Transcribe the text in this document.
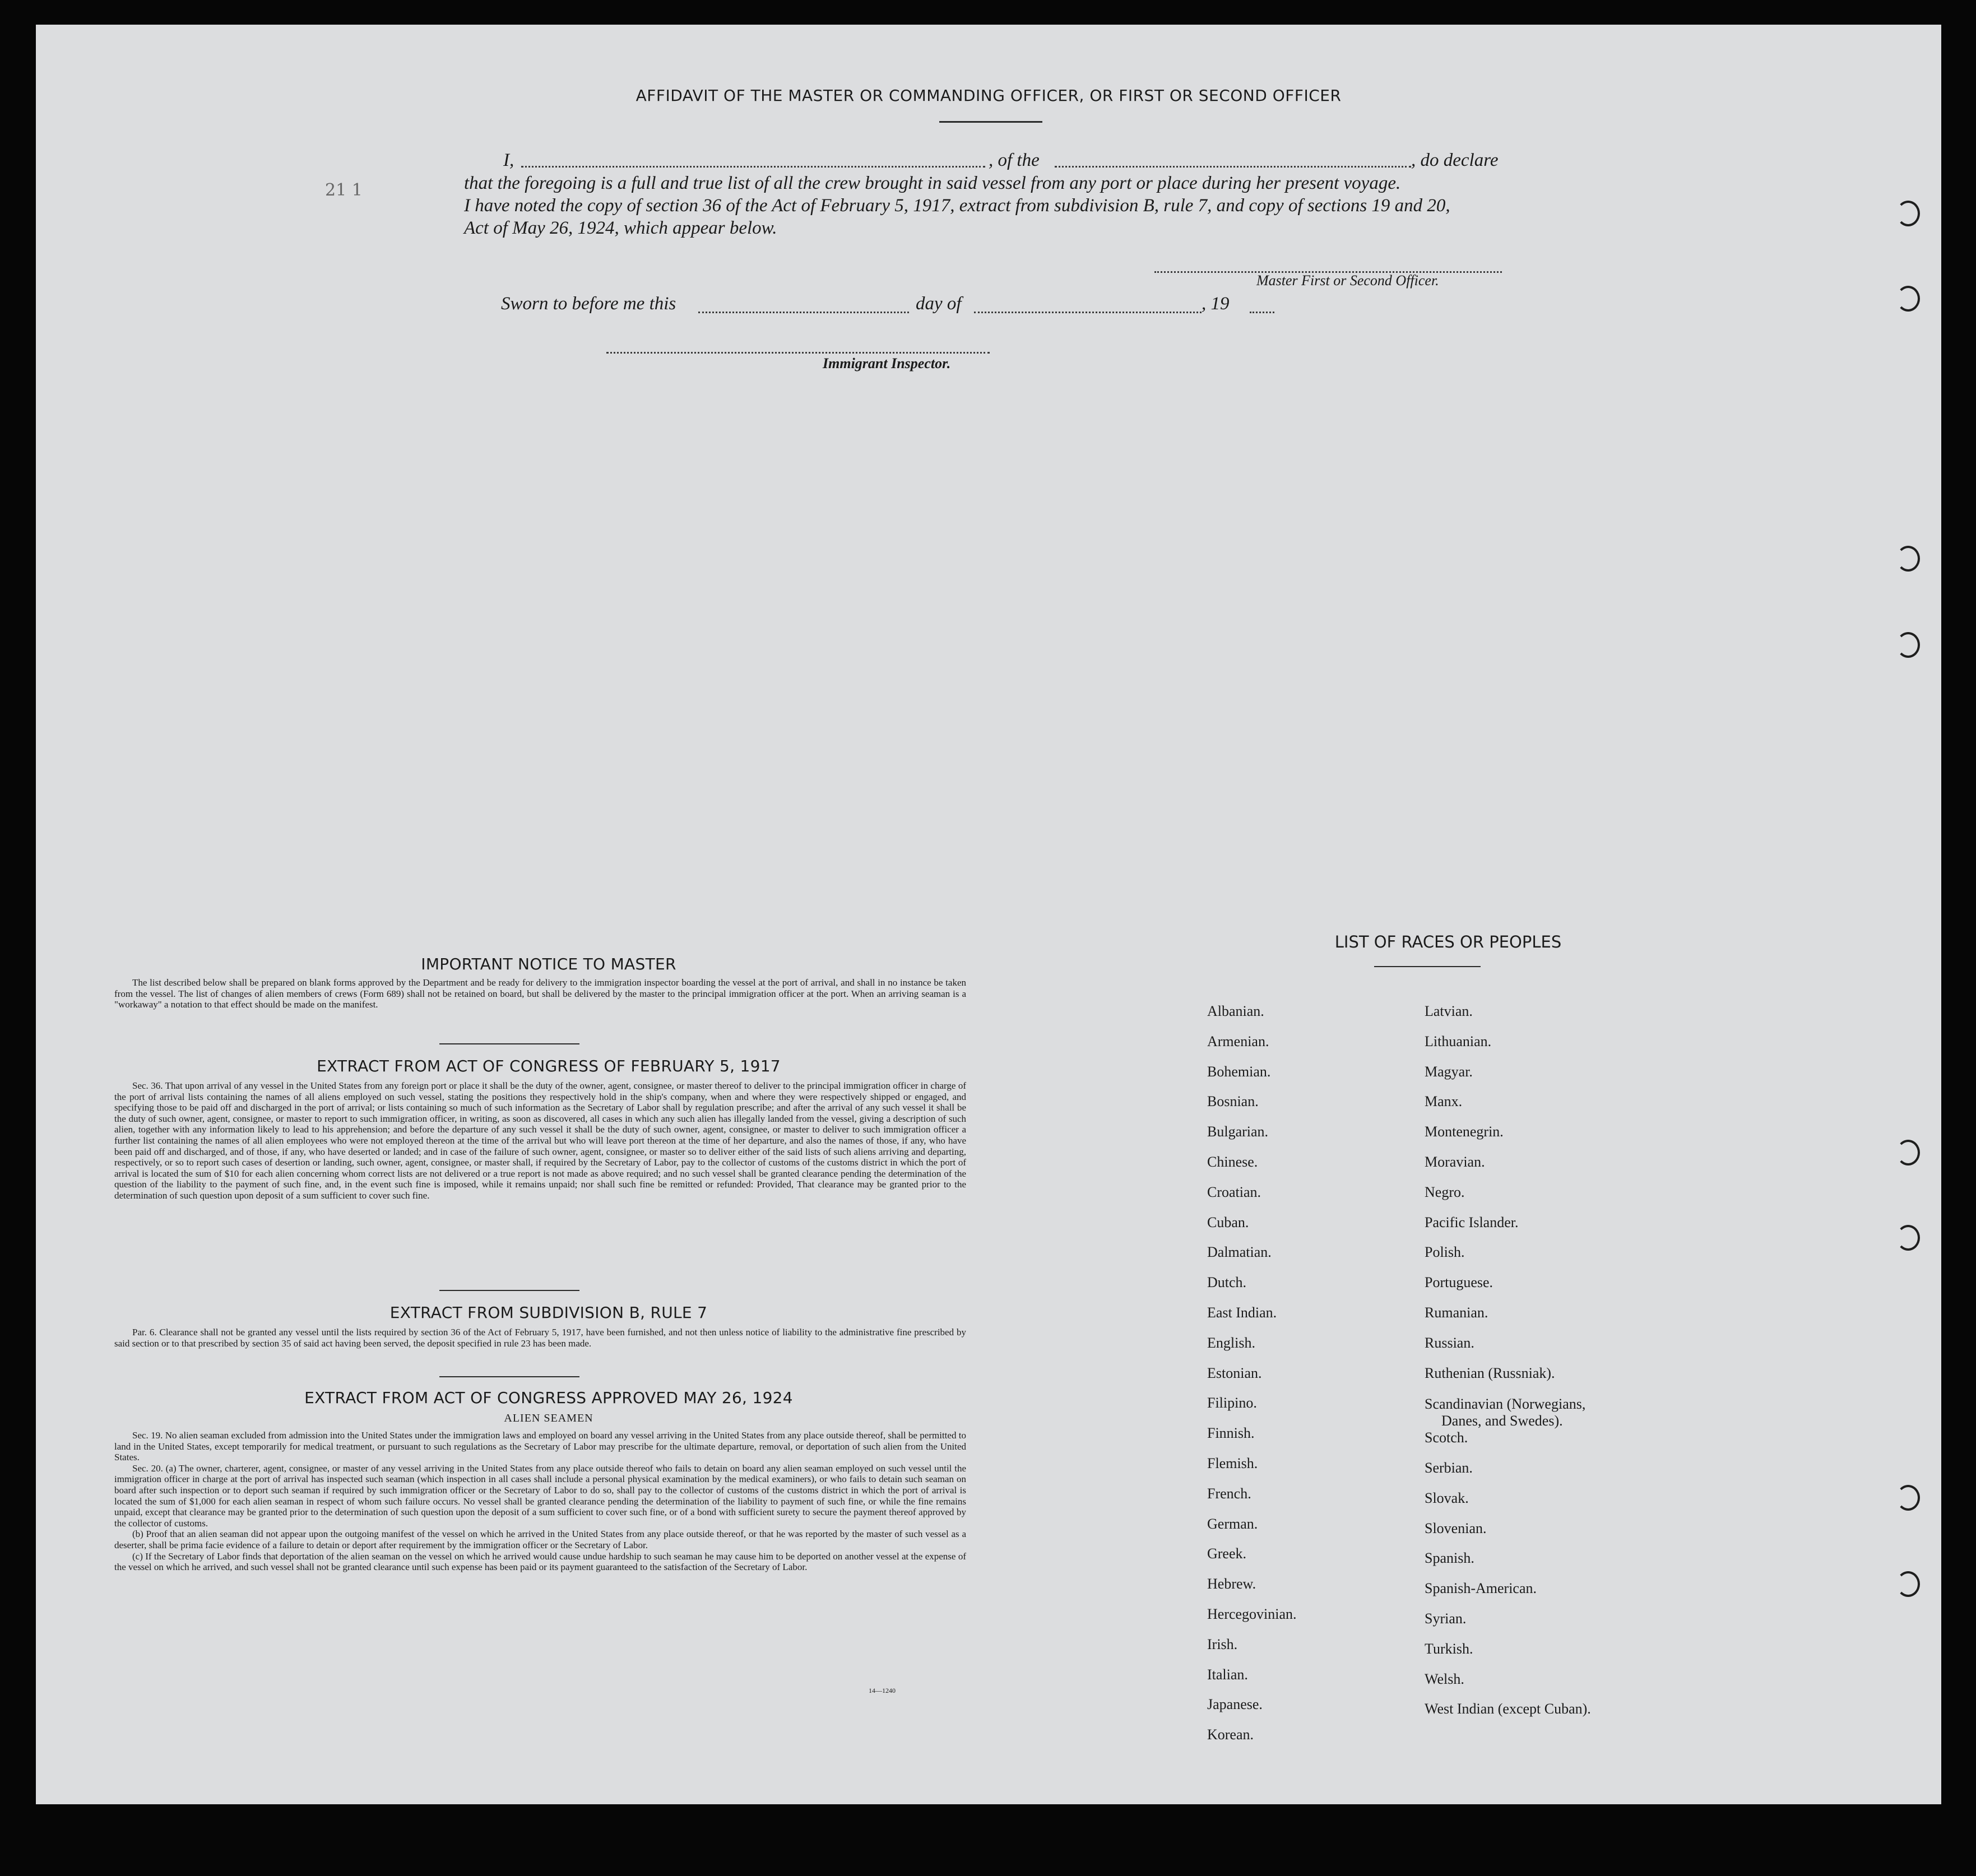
AFFIDAVIT OF THE MASTER OR COMMANDING OFFICER, OR FIRST OR SECOND OFFICER
I,	, of the	, do declare
that the foregoing is a full and true list of all the crew brought in said vessel from any port or place during her present voyage.
I have noted the copy of section 36 of the Act of February 5, 1917, extract from subdivision B, rule 7, and copy of sections 19 and 20,
Act of May 26, 1924, which appear below.
21 1
Master First or Second Officer.
Sworn to before me this	day of	, 19
Immigrant Inspector.
IMPORTANT NOTICE TO MASTER

The list described below shall be prepared on blank forms approved by the Department and be ready for delivery to the immigration inspector boarding the vessel at the port of arrival, and shall in no instance be taken from the vessel. The list of changes of alien members of crews (Form 689) shall not be retained on board, but shall be delivered by the master to the principal immigration officer at the port. When an arriving seaman is a "workaway" a notation to that effect should be made on the manifest.

EXTRACT FROM ACT OF CONGRESS OF FEBRUARY 5, 1917

Sec. 36. That upon arrival of any vessel in the United States from any foreign port or place it shall be the duty of the owner, agent, consignee, or master thereof to deliver to the principal immigration officer in charge of the port of arrival lists containing the names of all aliens employed on such vessel, stating the positions they respectively hold in the ship's company, when and where they were respectively shipped or engaged, and specifying those to be paid off and discharged in the port of arrival; or lists containing so much of such information as the Secretary of Labor shall by regulation prescribe; and after the arrival of any such vessel it shall be the duty of such owner, agent, consignee, or master to report to such immigration officer, in writing, as soon as discovered, all cases in which any such alien has illegally landed from the vessel, giving a description of such alien, together with any information likely to lead to his apprehension; and before the departure of any such vessel it shall be the duty of such owner, agent, consignee, or master to deliver to such immigration officer a further list containing the names of all alien employees who were not employed thereon at the time of the arrival but who will leave port thereon at the time of her departure, and also the names of those, if any, who have been paid off and discharged, and of those, if any, who have deserted or landed; and in case of the failure of such owner, agent, consignee, or master so to deliver either of the said lists of such aliens arriving and departing, respectively, or so to report such cases of desertion or landing, such owner, agent, consignee, or master shall, if required by the Secretary of Labor, pay to the collector of customs of the customs district in which the port of arrival is located the sum of $10 for each alien concerning whom correct lists are not delivered or a true report is not made as above required; and no such vessel shall be granted clearance pending the determination of the question of the liability to the payment of such fine, and, in the event such fine is imposed, while it remains unpaid; nor shall such fine be remitted or refunded: Provided, That clearance may be granted prior to the determination of such question upon deposit of a sum sufficient to cover such fine.

EXTRACT FROM SUBDIVISION B, RULE 7

Par. 6. Clearance shall not be granted any vessel until the lists required by section 36 of the Act of February 5, 1917, have been furnished, and not then unless notice of liability to the administrative fine prescribed by said section or to that prescribed by section 35 of said act having been served, the deposit specified in rule 23 has been made.

EXTRACT FROM ACT OF CONGRESS APPROVED MAY 26, 1924
ALIEN SEAMEN

Sec. 19. No alien seaman excluded from admission into the United States under the immigration laws and employed on board any vessel arriving in the United States from any place outside thereof, shall be permitted to land in the United States, except temporarily for medical treatment, or pursuant to such regulations as the Secretary of Labor may prescribe for the ultimate departure, removal, or deportation of such alien from the United States.

Sec. 20. (a) The owner, charterer, agent, consignee, or master of any vessel arriving in the United States from any place outside thereof who fails to detain on board any alien seaman employed on such vessel until the immigration officer in charge at the port of arrival has inspected such seaman (which inspection in all cases shall include a personal physical examination by the medical examiners), or who fails to detain such seaman on board after such inspection or to deport such seaman if required by such immigration officer or the Secretary of Labor to do so, shall pay to the collector of customs of the customs district in which the port of arrival is located the sum of $1,000 for each alien seaman in respect of whom such failure occurs. No vessel shall be granted clearance pending the determination of the liability to payment of such fine, or while the fine remains unpaid, except that clearance may be granted prior to the determination of such question upon the deposit of a sum sufficient to cover such fine, or of a bond with sufficient surety to secure the payment thereof approved by the collector of customs.

(b) Proof that an alien seaman did not appear upon the outgoing manifest of the vessel on which he arrived in the United States from any place outside thereof, or that he was reported by the master of such vessel as a deserter, shall be prima facie evidence of a failure to detain or deport after requirement by the immigration officer or the Secretary of Labor.

(c) If the Secretary of Labor finds that deportation of the alien seaman on the vessel on which he arrived would cause undue hardship to such seaman he may cause him to be deported on another vessel at the expense of the vessel on which he arrived, and such vessel shall not be granted clearance until such expense has been paid or its payment guaranteed to the satisfaction of the Secretary of Labor.

14—1240
LIST OF RACES OR PEOPLES
Albanian.
Armenian.
Bohemian.
Bosnian.
Bulgarian.
Chinese.
Croatian.
Cuban.
Dalmatian.
Dutch.
East Indian.
English.
Estonian.
Filipino.
Finnish.
Flemish.
French.
German.
Greek.
Hebrew.
Hercegovinian.
Irish.
Italian.
Japanese.
Korean.
Latvian.
Lithuanian.
Magyar.
Manx.
Montenegrin.
Moravian.
Negro.
Pacific Islander.
Polish.
Portuguese.
Rumanian.
Russian.
Ruthenian (Russniak).
Scandinavian (Norwegians,
Danes, and Swedes).
Scotch.
Serbian.
Slovak.
Slovenian.
Spanish.
Spanish-American.
Syrian.
Turkish.
Welsh.
West Indian (except Cuban).
